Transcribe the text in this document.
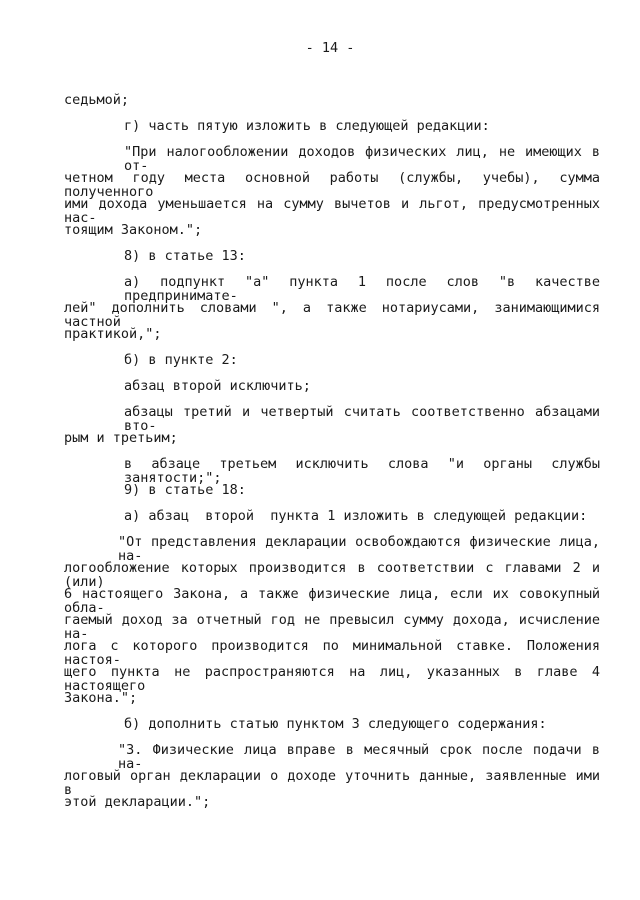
- 14 -
седьмой;
г) часть пятую изложить в следующей редакции:
"При налогообложении доходов физических лиц, не имеющих в от-
четном году места основной работы (службы, учебы), сумма полученного
ими дохода уменьшается на сумму вычетов и льгот, предусмотренных нас-
тоящим Законом.";
8) в статье 13:
а) подпункт "а" пункта 1 после слов "в качестве предпринимате-
лей" дополнить словами ", а также нотариусами, занимающимися частной
практикой,";
б) в пункте 2:
абзац второй исключить;
абзацы третий и четвертый считать соответственно абзацами вто-
рым и третьим;
в абзаце третьем исключить слова "и органы службы занятости;";
9) в статье 18:
а) абзац  второй  пункта 1 изложить в следующей редакции:
"От представления декларации освобождаются физические лица, на-
логообложение которых производится в соответствии с главами 2 и (или)
6 настоящего Закона, а также физические лица, если их совокупный обла-
гаемый доход за отчетный год не превысил сумму дохода, исчисление на-
лога с которого производится по минимальной ставке. Положения настоя-
щего пункта не распространяются на лиц, указанных в главе 4 настоящего
Закона.";
б) дополнить статью пунктом 3 следующего содержания:
"3. Физические лица вправе в месячный срок после подачи в на-
логовый орган декларации о доходе уточнить данные, заявленные ими в
этой декларации.";
